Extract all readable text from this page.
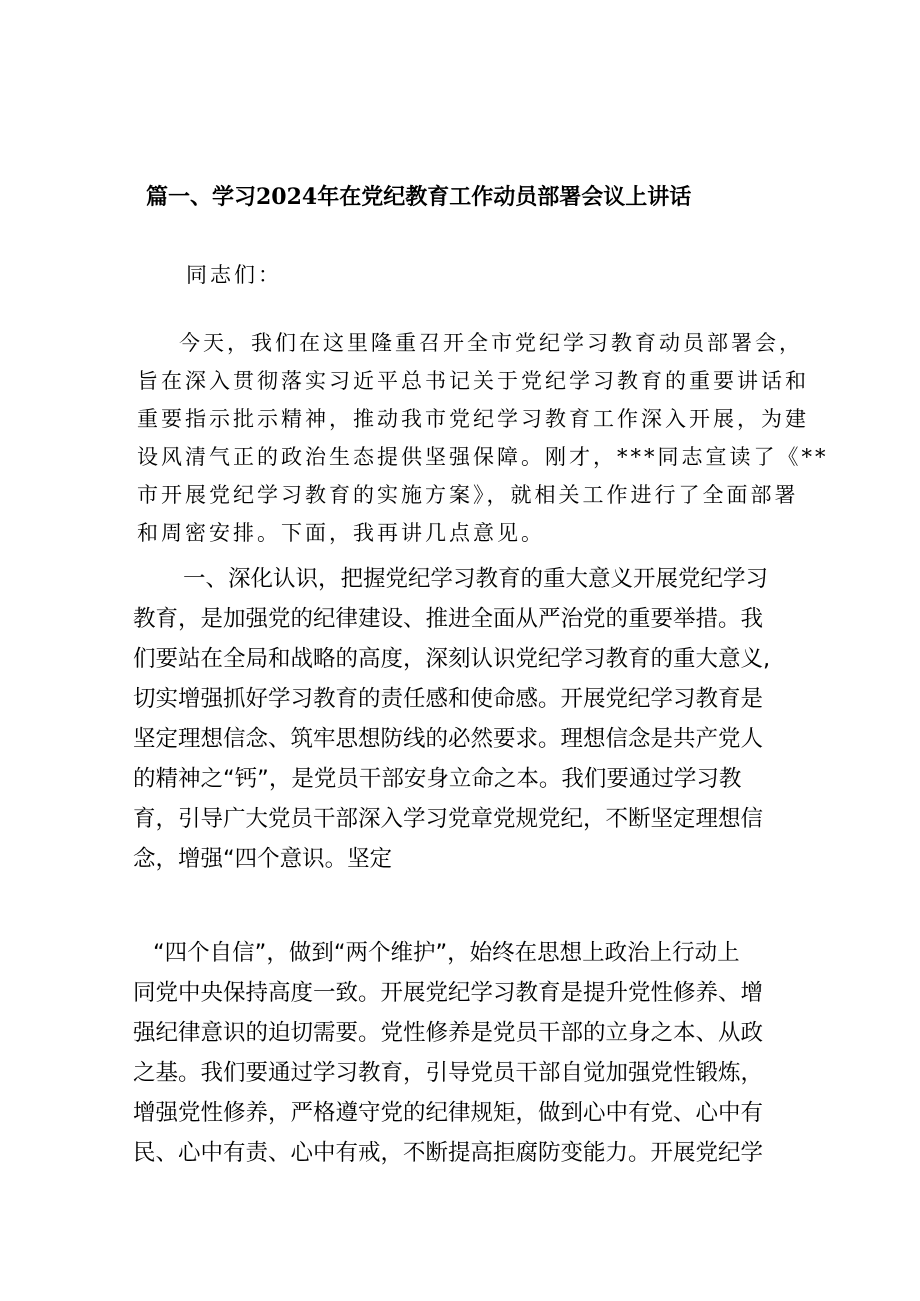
篇一、学习2024年在党纪教育工作动员部署会议上讲话
同志们：
今天，我们在这里隆重召开全市党纪学习教育动员部署会，
旨在深入贯彻落实习近平总书记关于党纪学习教育的重要讲话和
重要指示批示精神，推动我市党纪学习教育工作深入开展，为建
设风清气正的政治生态提供坚强保障。刚才，***同志宣读了《**
市开展党纪学习教育的实施方案》，就相关工作进行了全面部署
和周密安排。下面，我再讲几点意见。
一、深化认识，把握党纪学习教育的重大意义开展党纪学习
教育，是加强党的纪律建设、推进全面从严治党的重要举措。我
们要站在全局和战略的高度，深刻认识党纪学习教育的重大意义,
切实增强抓好学习教育的责任感和使命感。开展党纪学习教育是
坚定理想信念、筑牢思想防线的必然要求。理想信念是共产党人
的精神之“钙”，是党员干部安身立命之本。我们要通过学习教
育，引导广大党员干部深入学习党章党规党纪，不断坚定理想信
念，增强“四个意识。坚定
“四个自信”，做到“两个维护”，始终在思想上政治上行动上
同党中央保持高度一致。开展党纪学习教育是提升党性修养、增
强纪律意识的迫切需要。党性修养是党员干部的立身之本、从政
之基。我们要通过学习教育，引导党员干部自觉加强党性锻炼，
增强党性修养，严格遵守党的纪律规矩，做到心中有党、心中有
民、心中有责、心中有戒，不断提高拒腐防变能力。开展党纪学
